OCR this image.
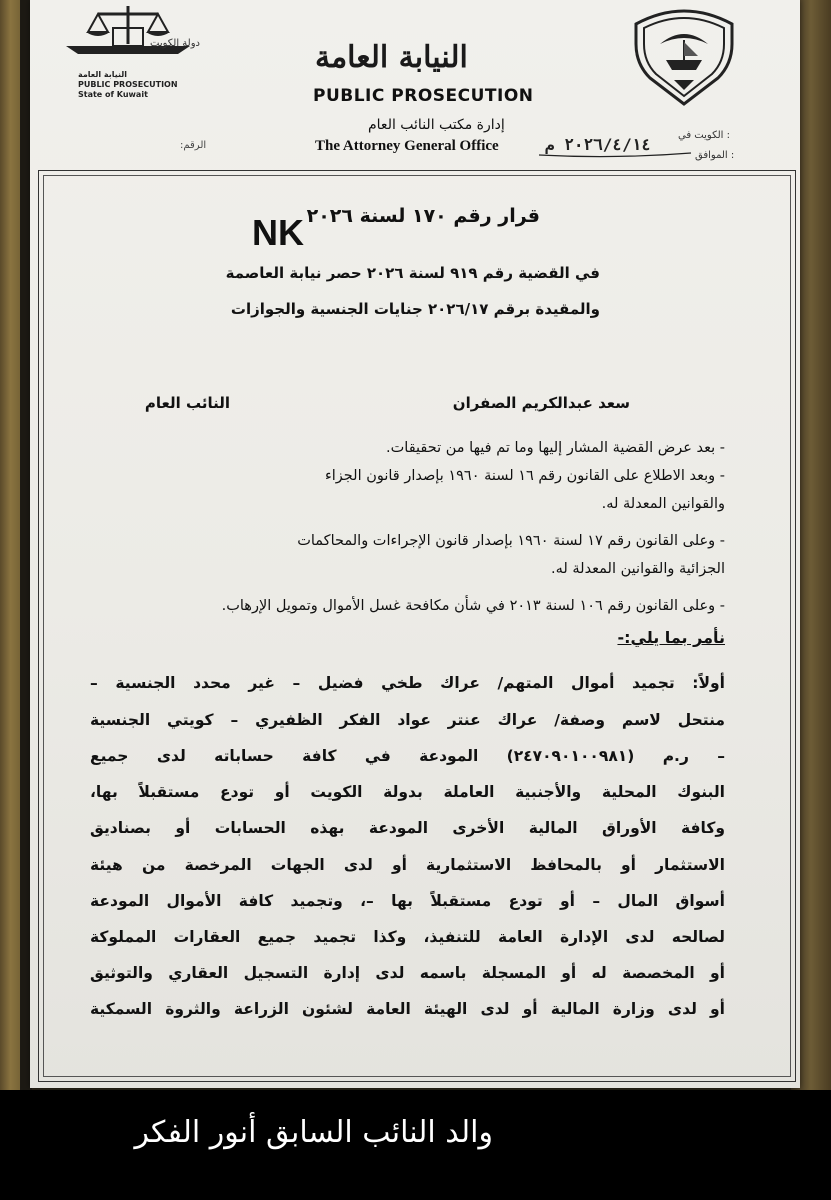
دولة الكويت
النيابة العامة
PUBLIC PROSECUTION
State of Kuwait
:الرقم
النيابة العامة
PUBLIC PROSECUTION
إدارة مكتب النائب العام
The Attorney General Office
الكويت في :
٢٠٢٦/٤/١٤ م
الموافق :
قرار رقم ١٧٠ لسنة ٢٠٢٦
NK
في القضية رقم ٩١٩ لسنة ٢٠٢٦ حصر نيابة العاصمة
والمقيدة برقم ٢٠٢٦/١٧ جنايات الجنسية والجوازات
سعد عبدالكريم الصفران
النائب العام
- بعد عرض القضية المشار إليها وما تم فيها من تحقيقات.
- وبعد الاطلاع على القانون رقم ١٦ لسنة ١٩٦٠ بإصدار قانون الجزاء
والقوانين المعدلة له.
- وعلى القانون رقم ١٧ لسنة ١٩٦٠ بإصدار قانون الإجراءات والمحاكمات
الجزائية والقوانين المعدلة له.
- وعلى القانون رقم ١٠٦ لسنة ٢٠١٣ في شأن مكافحة غسل الأموال وتمويل الإرهاب.
نأمر بما يلي:-
أولاً: تجميد أموال المتهم/ عراك طخي فضيل – غير محدد الجنسية –
منتحل لاسم وصفة/ عراك عنتر عواد الفكر الظفيري – كويتي الجنسية
– ر.م (٢٤٧٠٩٠١٠٠٩٨١) المودعة في كافة حساباته لدى جميع
البنوك المحلية والأجنبية العاملة بدولة الكويت أو تودع مستقبلاً بها،
وكافة الأوراق المالية الأخرى المودعة بهذه الحسابات أو بصناديق
الاستثمار أو بالمحافظ الاستثمارية أو لدى الجهات المرخصة من هيئة
أسواق المال – أو تودع مستقبلاً بها –، وتجميد كافة الأموال المودعة
لصالحه لدى الإدارة العامة للتنفيذ، وكذا تجميد جميع العقارات المملوكة
أو المخصصة له أو المسجلة باسمه لدى إدارة التسجيل العقاري والتوثيق
أو لدى وزارة المالية أو لدى الهيئة العامة لشئون الزراعة والثروة السمكية
والد النائب السابق أنور الفكر
